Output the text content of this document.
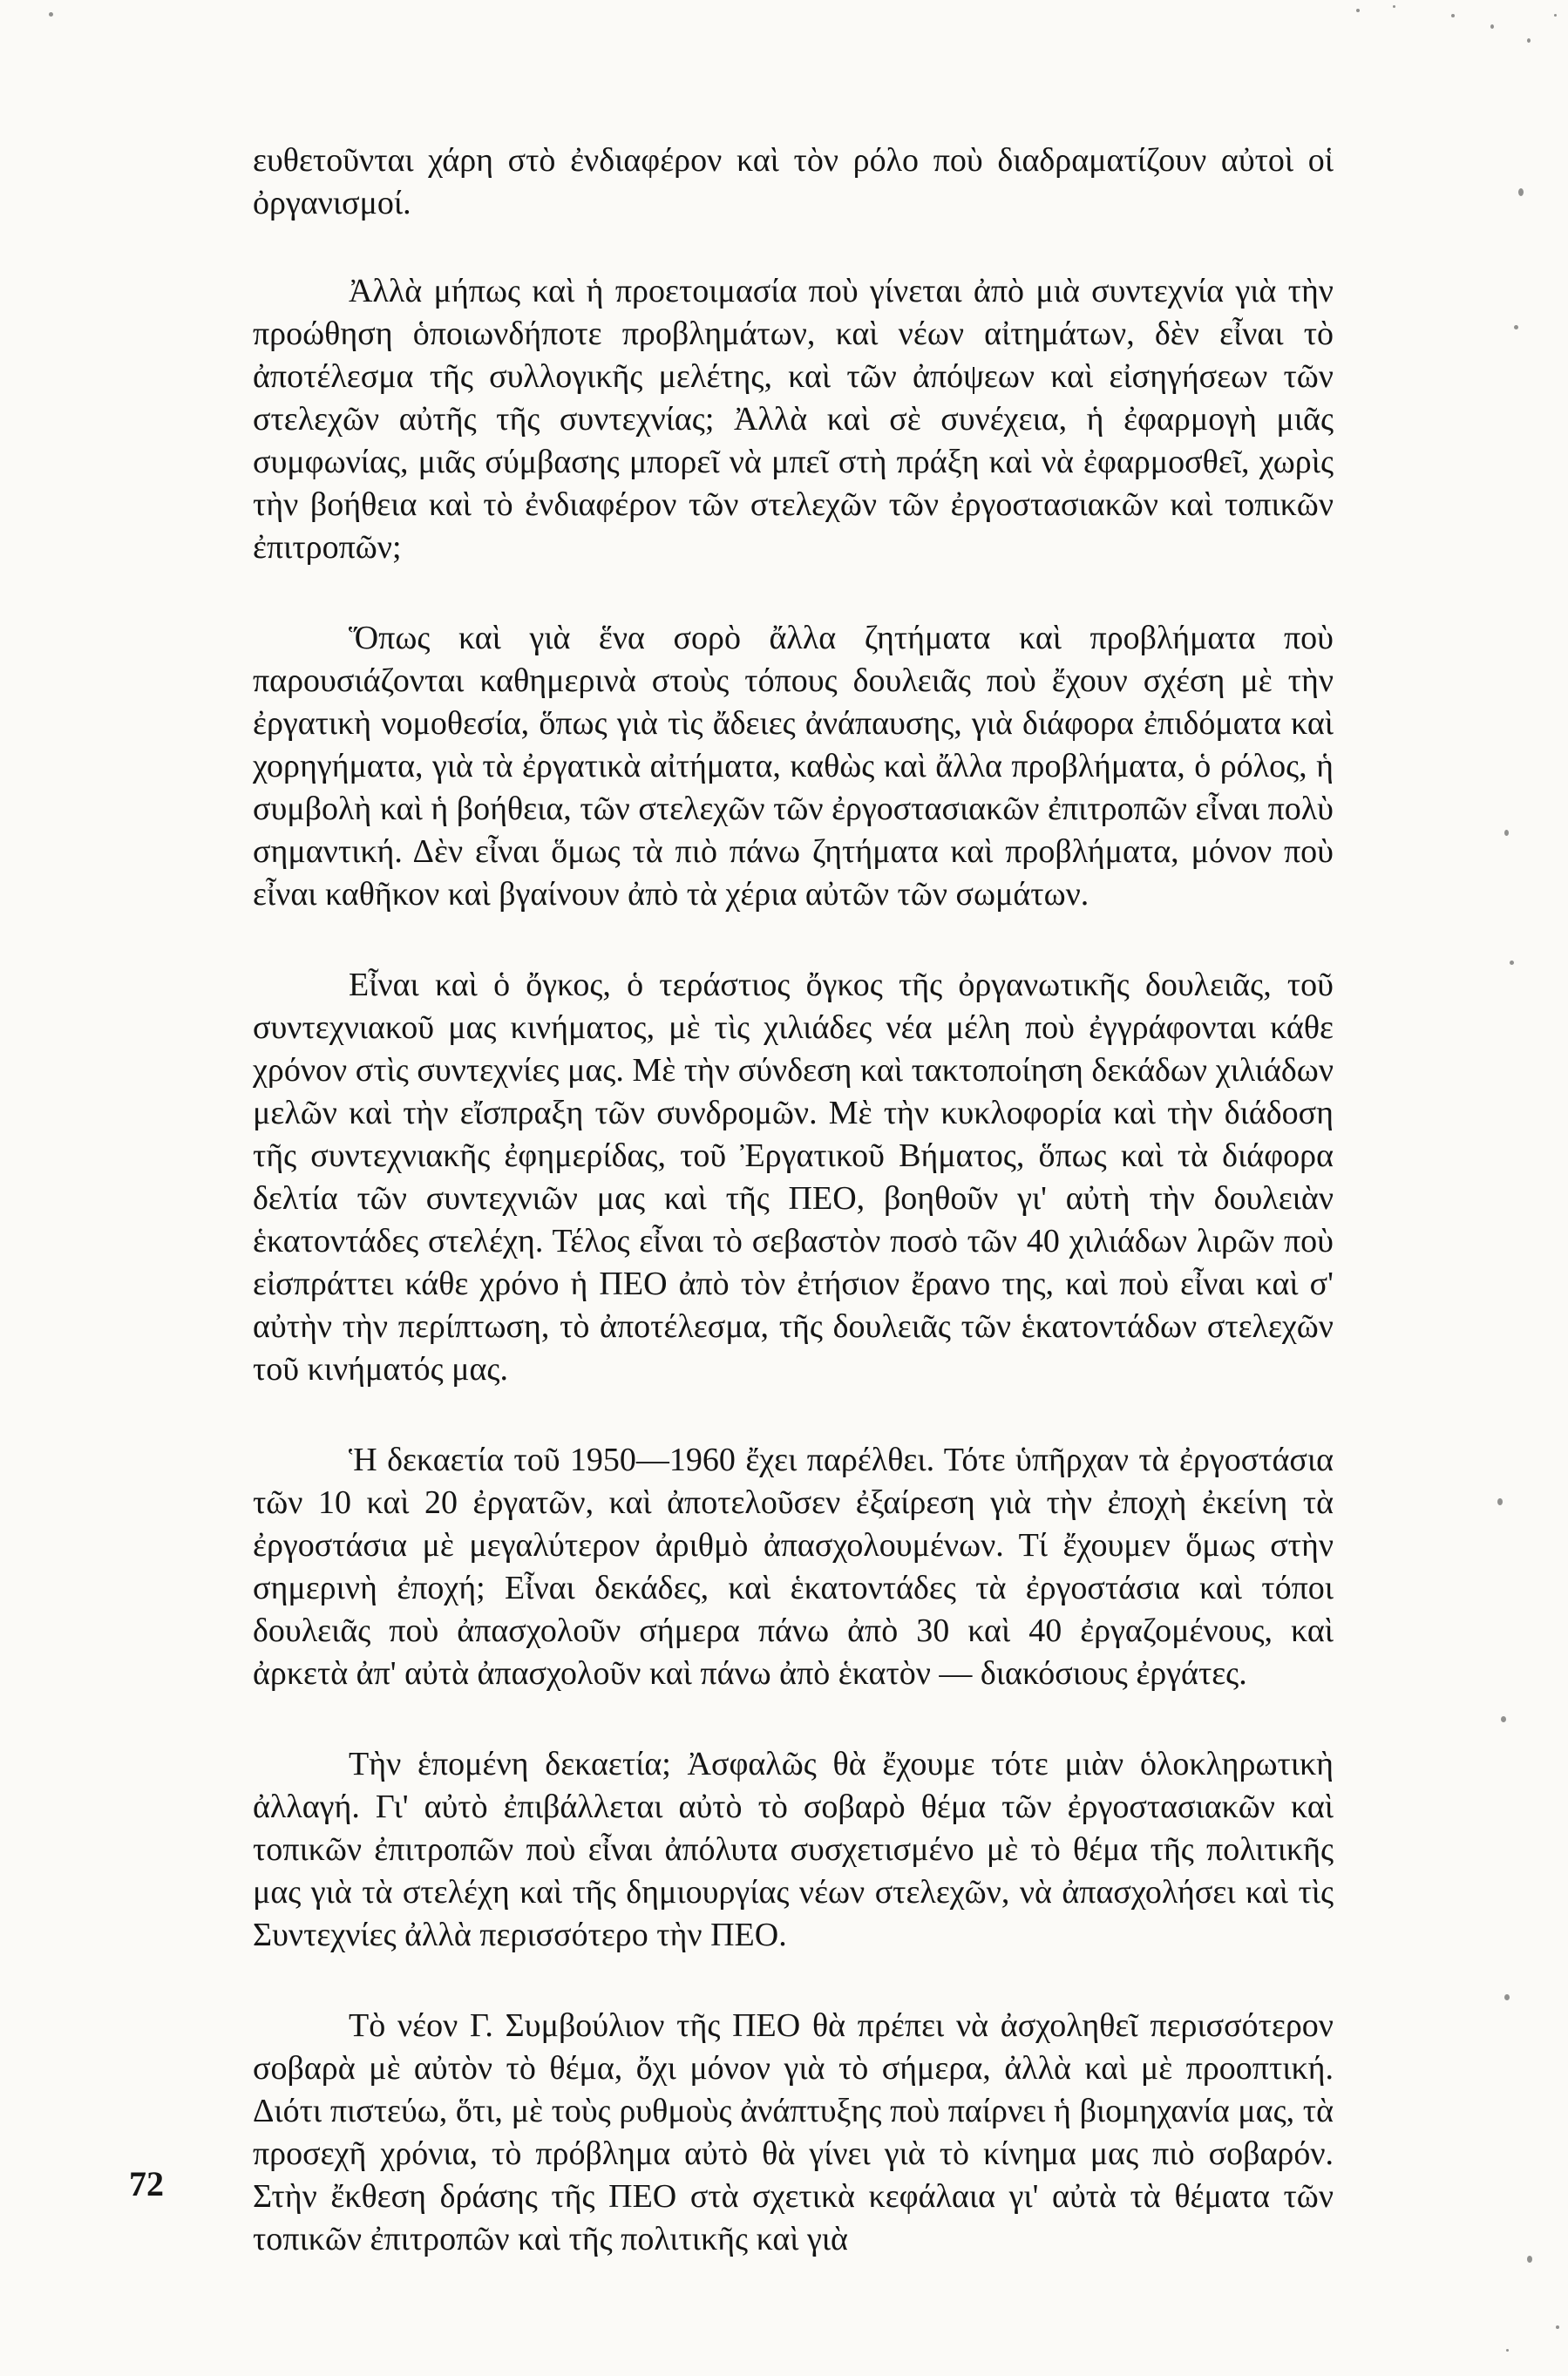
ευθετοῦνται χάρη στὸ ἐνδιαφέρον καὶ τὸν ρόλο ποὺ διαδραματίζουν αὐτοὶ οἱ ὀργανισμοί.

Ἀλλὰ μήπως καὶ ἡ προετοιμασία ποὺ γίνεται ἀπὸ μιὰ συντεχνία γιὰ τὴν προώθηση ὁποιωνδήποτε προβλημάτων, καὶ νέων αἰτημάτων, δὲν εἶναι τὸ ἀποτέλεσμα τῆς συλλογικῆς μελέτης, καὶ τῶν ἀπόψεων καὶ εἰσηγήσεων τῶν στελεχῶν αὐτῆς τῆς συντεχνίας; Ἀλλὰ καὶ σὲ συνέχεια, ἡ ἐφαρμογὴ μιᾶς συμφωνίας, μιᾶς σύμβασης μπορεῖ νὰ μπεῖ στὴ πράξη καὶ νὰ ἐφαρμοσθεῖ, χωρὶς τὴν βοήθεια καὶ τὸ ἐνδιαφέρον τῶν στελεχῶν τῶν ἐργοστασιακῶν καὶ τοπικῶν ἐπιτροπῶν;

Ὅπως καὶ γιὰ ἕνα σορὸ ἄλλα ζητήματα καὶ προβλήματα ποὺ παρουσιάζονται καθημερινὰ στοὺς τόπους δουλειᾶς ποὺ ἔχουν σχέση μὲ τὴν ἐργατικὴ νομοθεσία, ὅπως γιὰ τὶς ἄδειες ἀνάπαυσης, γιὰ διάφορα ἐπιδόματα καὶ χορηγήματα, γιὰ τὰ ἐργατικὰ αἰτήματα, καθὼς καὶ ἄλλα προβλήματα, ὁ ρόλος, ἡ συμβολὴ καὶ ἡ βοήθεια, τῶν στελεχῶν τῶν ἐργοστασιακῶν ἐπιτροπῶν εἶναι πολὺ σημαντική. Δὲν εἶναι ὅμως τὰ πιὸ πάνω ζητήματα καὶ προβλήματα, μόνον ποὺ εἶναι καθῆκον καὶ βγαίνουν ἀπὸ τὰ χέρια αὐτῶν τῶν σωμάτων.

Εἶναι καὶ ὁ ὄγκος, ὁ τεράστιος ὄγκος τῆς ὀργανωτικῆς δουλειᾶς, τοῦ συντεχνιακοῦ μας κινήματος, μὲ τὶς χιλιάδες νέα μέλη ποὺ ἐγγράφονται κάθε χρόνον στὶς συντεχνίες μας. Μὲ τὴν σύνδεση καὶ τακτοποίηση δεκάδων χιλιάδων μελῶν καὶ τὴν εἴσπραξη τῶν συνδρομῶν. Μὲ τὴν κυκλοφορία καὶ τὴν διάδοση τῆς συντεχνιακῆς ἐφημερίδας, τοῦ Ἐργατικοῦ Βήματος, ὅπως καὶ τὰ διάφορα δελτία τῶν συντεχνιῶν μας καὶ τῆς ΠΕΟ, βοηθοῦν γι' αὐτὴ τὴν δουλειὰν ἑκατοντάδες στελέχη. Τέλος εἶναι τὸ σεβαστὸν ποσὸ τῶν 40 χιλιάδων λιρῶν ποὺ εἰσπράττει κάθε χρόνο ἡ ΠΕΟ ἀπὸ τὸν ἐτήσιον ἔρανο της, καὶ ποὺ εἶναι καὶ σ' αὐτὴν τὴν περίπτωση, τὸ ἀποτέλεσμα, τῆς δουλειᾶς τῶν ἑκατοντάδων στελεχῶν τοῦ κινήματός μας.

Ἡ δεκαετία τοῦ 1950—1960 ἔχει παρέλθει. Τότε ὑπῆρχαν τὰ ἐργοστάσια τῶν 10 καὶ 20 ἐργατῶν, καὶ ἀποτελοῦσεν ἐξαίρεση γιὰ τὴν ἐποχὴ ἐκείνη τὰ ἐργοστάσια μὲ μεγαλύτερον ἀριθμὸ ἀπασχολουμένων. Τί ἔχουμεν ὅμως στὴν σημερινὴ ἐποχή; Εἶναι δεκάδες, καὶ ἑκατοντάδες τὰ ἐργοστάσια καὶ τόποι δουλειᾶς ποὺ ἀπασχολοῦν σήμερα πάνω ἀπὸ 30 καὶ 40 ἐργαζομένους, καὶ ἀρκετὰ ἀπ' αὐτὰ ἀπασχολοῦν καὶ πάνω ἀπὸ ἑκατὸν — διακόσιους ἐργάτες.

Τὴν ἑπομένη δεκαετία; Ἀσφαλῶς θὰ ἔχουμε τότε μιὰν ὁλοκληρωτικὴ ἀλλαγή. Γι' αὐτὸ ἐπιβάλλεται αὐτὸ τὸ σοβαρὸ θέμα τῶν ἐργοστασιακῶν καὶ τοπικῶν ἐπιτροπῶν ποὺ εἶναι ἀπόλυτα συσχετισμένο μὲ τὸ θέμα τῆς πολιτικῆς μας γιὰ τὰ στελέχη καὶ τῆς δημιουργίας νέων στελεχῶν, νὰ ἀπασχολήσει καὶ τὶς Συντεχνίες ἀλλὰ περισσότερο τὴν ΠΕΟ.

Τὸ νέον Γ. Συμβούλιον τῆς ΠΕΟ θὰ πρέπει νὰ ἀσχοληθεῖ περισσότερον σοβαρὰ μὲ αὐτὸν τὸ θέμα, ὄχι μόνον γιὰ τὸ σήμερα, ἀλλὰ καὶ μὲ προοπτική. Διότι πιστεύω, ὅτι, μὲ τοὺς ρυθμοὺς ἀνάπτυξης ποὺ παίρνει ἡ βιομηχανία μας, τὰ προσεχῆ χρόνια, τὸ πρόβλημα αὐτὸ θὰ γίνει γιὰ τὸ κίνημα μας πιὸ σοβαρόν. Στὴν ἔκθεση δράσης τῆς ΠΕΟ στὰ σχετικὰ κεφάλαια γι' αὐτὰ τὰ θέματα τῶν τοπικῶν ἐπιτροπῶν καὶ τῆς πολιτικῆς καὶ γιὰ

72
